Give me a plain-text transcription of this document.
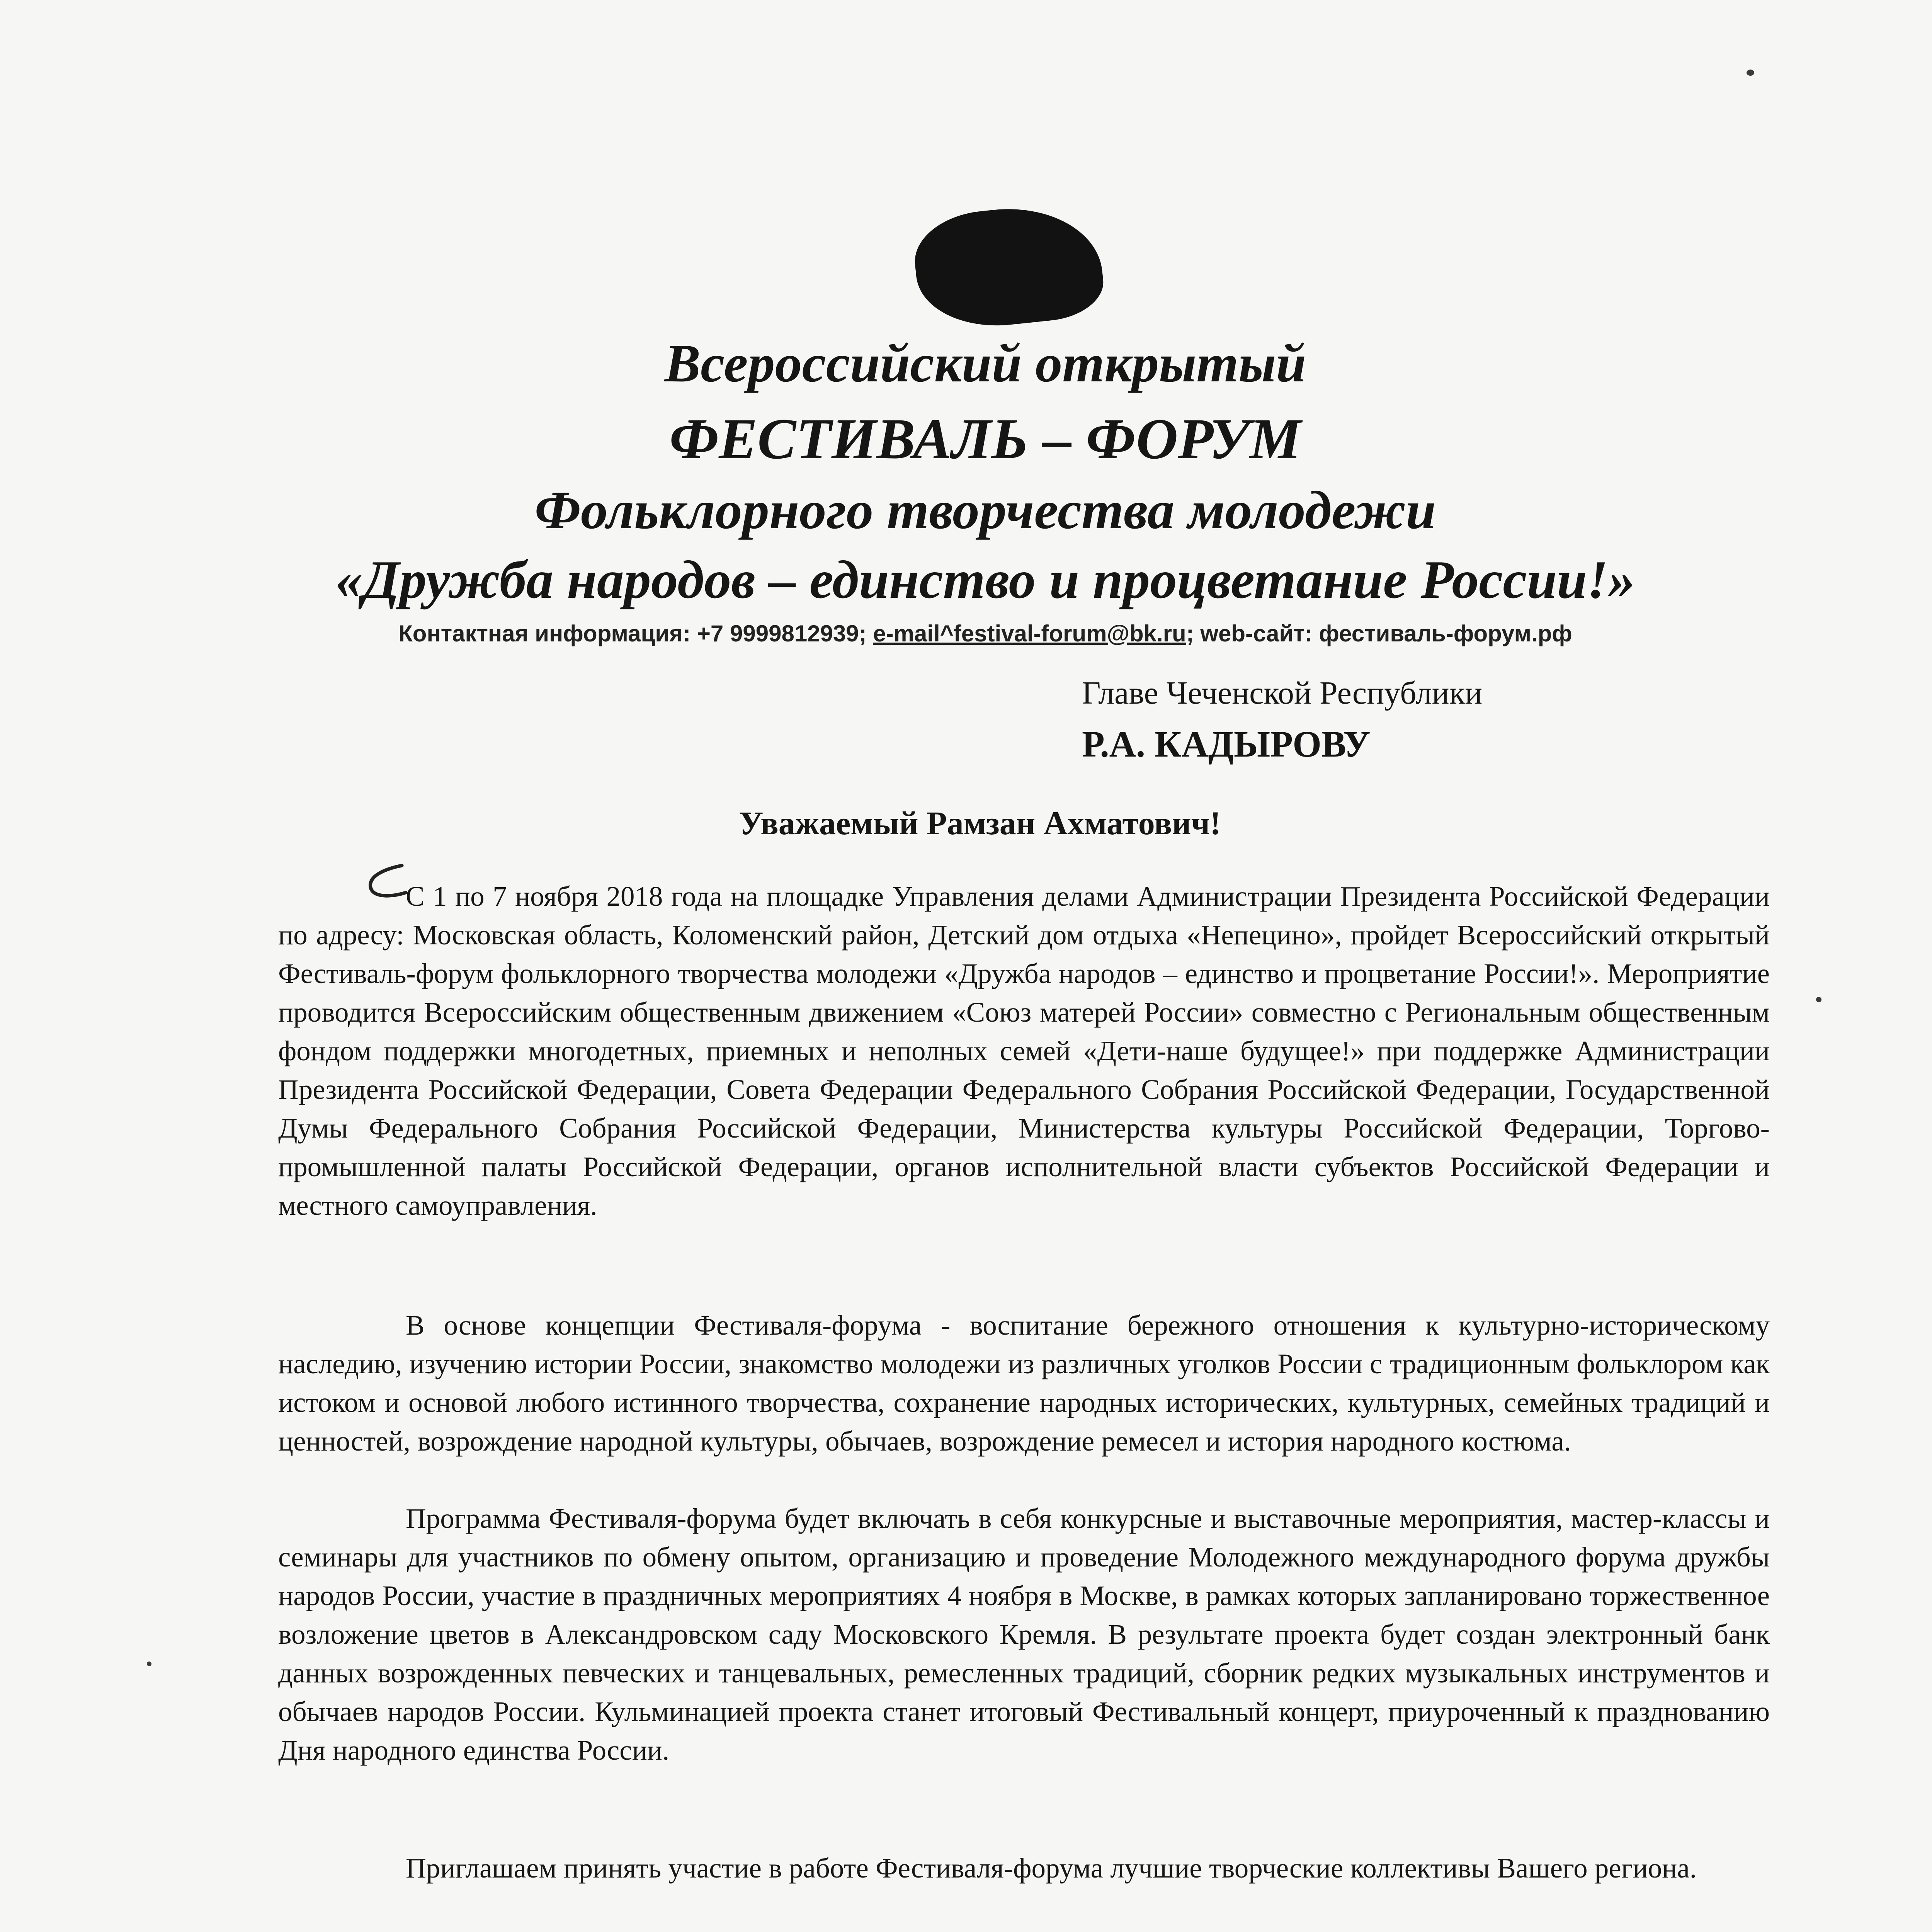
Всероссийский открытый
ФЕСТИВАЛЬ – ФОРУМ
Фольклорного творчества молодежи
«Дружба народов – единство и процветание России!»
Контактная информация: +7 9999812939; e-mail^festival-forum@bk.ru; web-сайт: фестиваль-форум.рф
Главе Чеченской Республики
Р.А. КАДЫРОВУ
Уважаемый Рамзан Ахматович!

С 1 по 7 ноября 2018 года на площадке Управления делами Администрации Президента Российской Федерации по адресу: Московская область, Коломенский район, Детский дом отдыха «Непецино», пройдет Всероссийский открытый Фестиваль-форум фольклорного творчества молодежи «Дружба народов – единство и процветание России!». Мероприятие проводится Всероссийским общественным движением «Союз матерей России» совместно с Региональным общественным фондом поддержки многодетных, приемных и неполных семей «Дети-наше будущее!» при поддержке Администрации Президента Российской Федерации, Совета Федерации Федерального Собрания Российской Федерации, Государственной Думы Федерального Собрания Российской Федерации, Министерства культуры Российской Федерации, Торгово-промышленной палаты Российской Федерации, органов исполнительной власти субъектов Российской Федерации и местного самоуправления.

В основе концепции Фестиваля-форума - воспитание бережного отношения к культурно-историческому наследию, изучению истории России, знакомство молодежи из различных уголков России с традиционным фольклором как истоком и основой любого истинного творчества, сохранение народных исторических, культурных, семейных традиций и ценностей, возрождение народной культуры, обычаев, возрождение ремесел и история народного костюма.

Программа Фестиваля-форума будет включать в себя конкурсные и выставочные мероприятия, мастер-классы и семинары для участников по обмену опытом, организацию и проведение Молодежного международного форума дружбы народов России, участие в праздничных мероприятиях 4 ноября в Москве, в рамках которых запланировано торжественное возложение цветов в Александровском саду Московского Кремля. В результате проекта будет создан электронный банк данных возрожденных певческих и танцевальных, ремесленных традиций, сборник редких музыкальных инструментов и обычаев народов России. Кульминацией проекта станет итоговый Фестивальный концерт, приуроченный к празднованию Дня народного единства России.

Приглашаем принять участие в работе Фестиваля-форума лучшие творческие коллективы Вашего региона.
